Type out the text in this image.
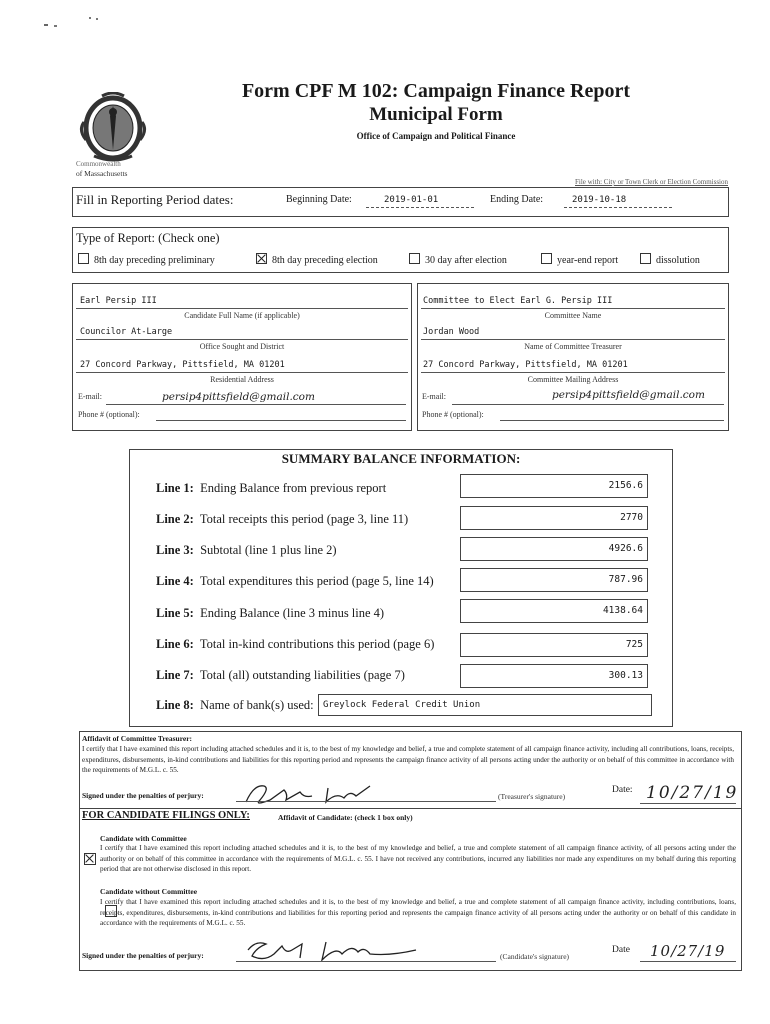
Commonwealth
of Massachusetts
Form CPF M 102: Campaign Finance Report
Municipal Form
Office of Campaign and Political Finance
File with: City or Town Clerk or Election Commission
Fill in Reporting Period dates:	Beginning Date:	2019-01-01	Ending Date:	2019-10-18
Type of Report: (Check one)
8th day preceding preliminary	8th day preceding election	30 day after election	year-end report	dissolution
Earl Persip III
Candidate Full Name (if applicable)
Councilor At-Large
Office Sought and District
27 Concord Parkway, Pittsfield, MA 01201
Residential Address
E-mail:	persip4pittsfield@gmail.com
Phone # (optional):
Committee to Elect Earl G. Persip III
Committee Name
Jordan Wood
Name of Committee Treasurer
27 Concord Parkway, Pittsfield, MA 01201
Committee Mailing Address
E-mail:	persip4pittsfield@gmail.com
Phone # (optional):
SUMMARY BALANCE INFORMATION:
Line 1: Ending Balance from previous report	2156.6
Line 2: Total receipts this period (page 3, line 11)	2770
Line 3: Subtotal (line 1 plus line 2)	4926.6
Line 4: Total expenditures this period (page 5, line 14)	787.96
Line 5: Ending Balance (line 3 minus line 4)	4138.64
Line 6: Total in-kind contributions this period (page 6)	725
Line 7: Total (all) outstanding liabilities (page 7)	300.13
Line 8: Name of bank(s) used:	Greylock Federal Credit Union
Affidavit of Committee Treasurer:
I certify that I have examined this report including attached schedules and it is, to the best of my knowledge and belief, a true and complete statement of all campaign finance activity, including all contributions, loans, receipts, expenditures, disbursements, in-kind contributions and liabilities for this reporting period and represents the campaign finance activity of all persons acting under the authority or on behalf of this committee in accordance with the requirements of M.G.L. c. 55.
Signed under the penalties of perjury:	(Treasurer's signature)
Date: 10/27/19
FOR CANDIDATE FILINGS ONLY:	Affidavit of Candidate: (check 1 box only)
Candidate with Committee

I certify that I have examined this report including attached schedules and it is, to the best of my knowledge and belief, a true and complete statement of all campaign finance activity, of all persons acting under the authority or on behalf of this committee in accordance with the requirements of M.G.L. c. 55. I have not received any contributions, incurred any liabilities nor made any expenditures on my behalf during this reporting period that are not otherwise disclosed in this report.
Candidate without Committee
I certify that I have examined this report including attached schedules and it is, to the best of my knowledge and belief, a true and complete statement of all campaign finance activity, including contributions, loans, receipts, expenditures, disbursements, in-kind contributions and liabilities for this reporting period and represents the campaign finance activity of all persons acting under the authority or on behalf of this candidate in accordance with the requirements of M.G.L. c. 55.
Signed under the penalties of perjury:	(Candidate's signature)
Date 10/27/19
